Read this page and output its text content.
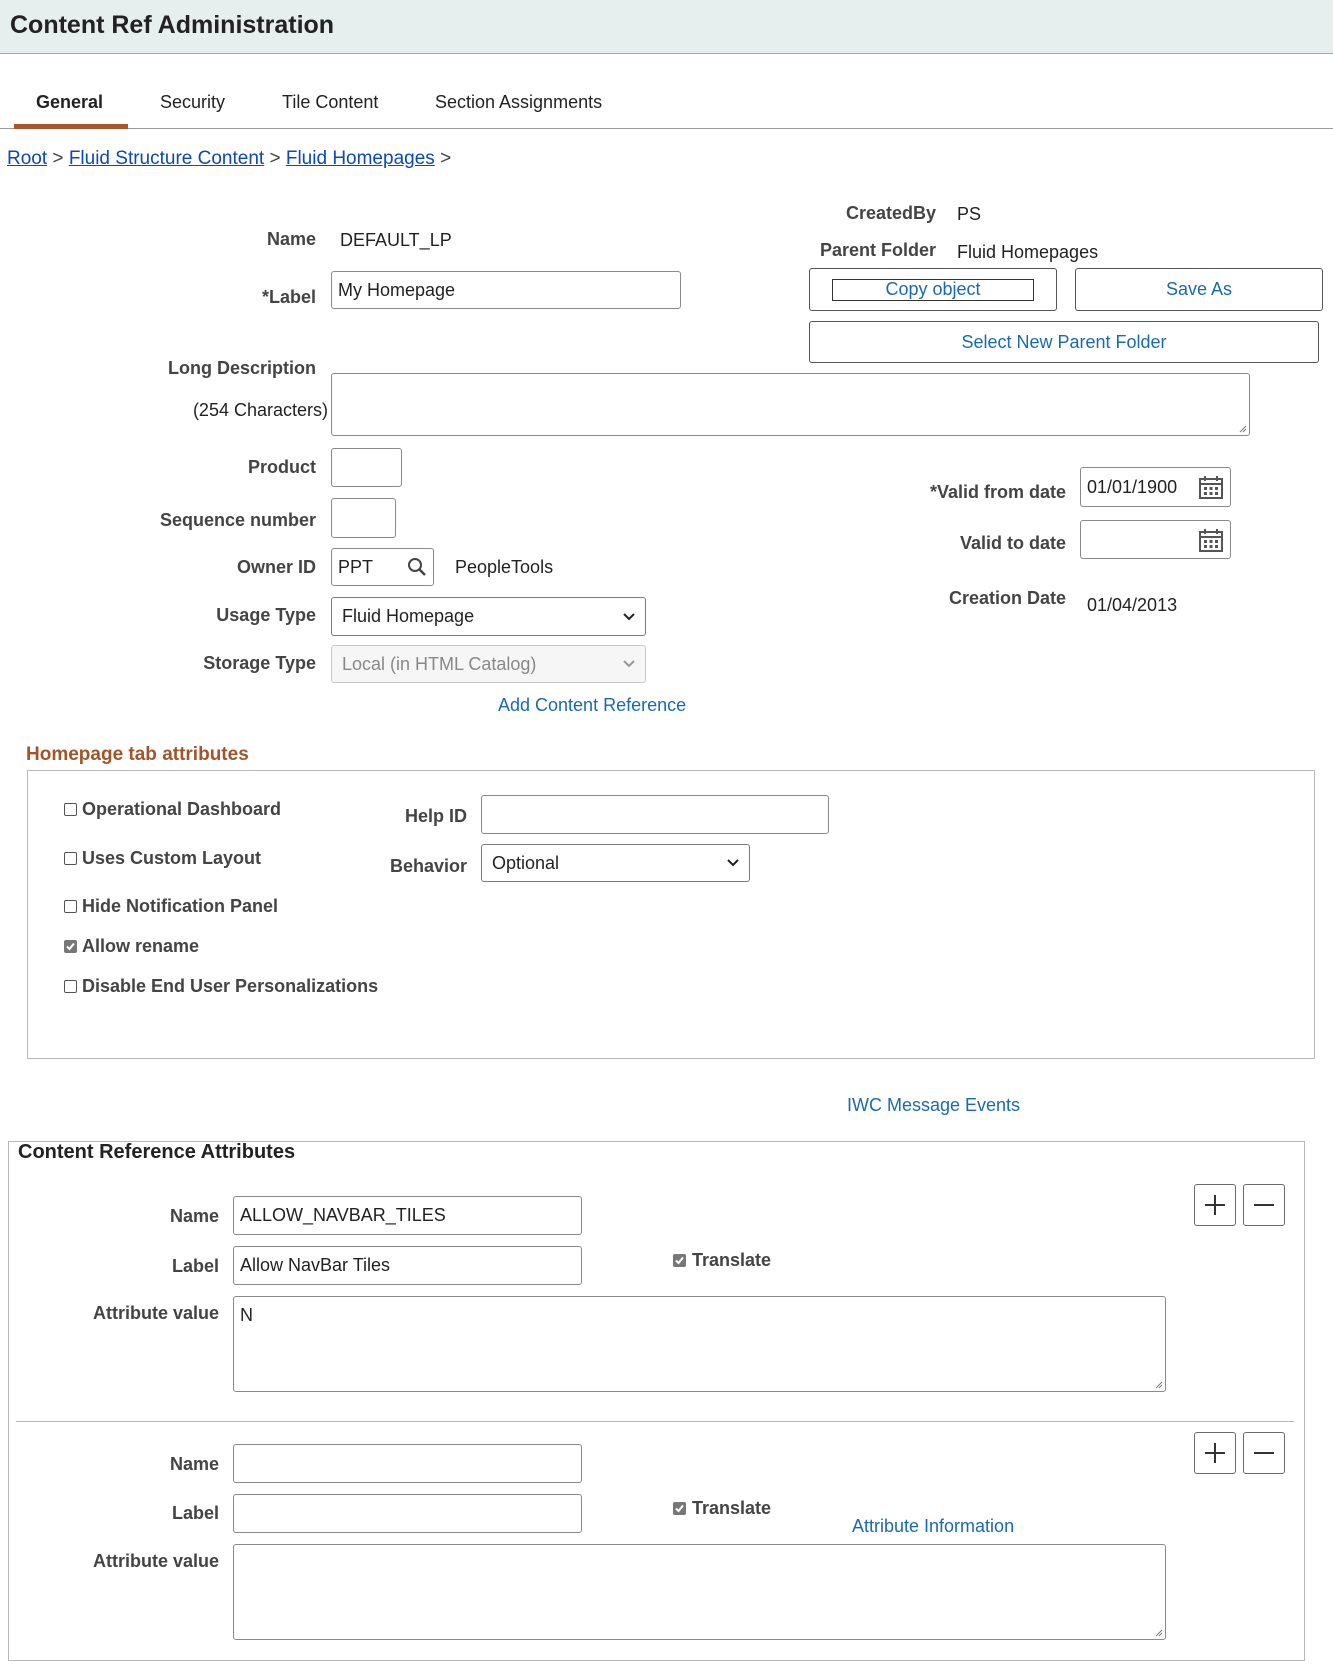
Content Ref Administration
General	Security	Tile Content	Section Assignments
Root > Fluid Structure Content > Fluid Homepages >
Name DEFAULT_LP
*Label My Homepage
Long Description
(254 Characters)
Product
Sequence number
Owner ID PPT	PeopleTools
Usage Type Fluid Homepage
Storage Type Local (in HTML Catalog)
Add Content Reference
CreatedBy PS
Parent Folder Fluid Homepages
Copy object	Save As
Select New Parent Folder
*Valid from date 01/01/1900
Valid to date
Creation Date 01/04/2013
Homepage tab attributes
Operational Dashboard
Uses Custom Layout
Hide Notification Panel
Allow rename
Disable End User Personalizations
Help ID
Behavior Optional
IWC Message Events
Content Reference Attributes
Name ALLOW_NAVBAR_TILES
Label Allow NavBar Tiles	Translate
Attribute value	N
Name
Label	Translate
Attribute Information
Attribute value
